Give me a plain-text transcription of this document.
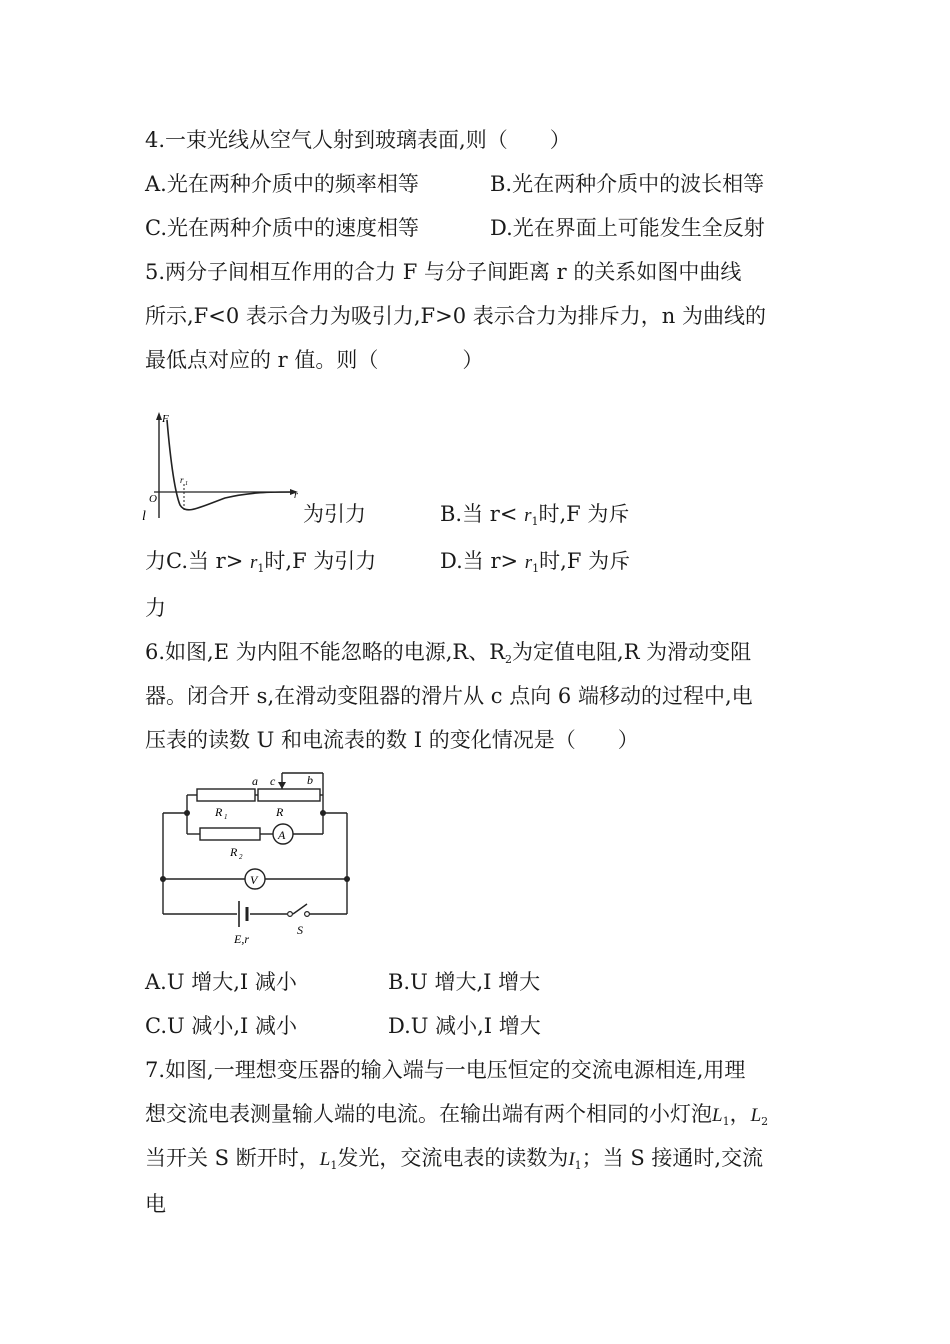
4.一束光线从空气人射到玻璃表面,则（　　）
A.光在两种介质中的频率相等	B.光在两种介质中的波长相等
C.光在两种介质中的速度相等	D.光在界面上可能发生全反射
5.两分子间相互作用的合力 F 与分子间距离 r 的关系如图中曲线
所示,F<0 表示合力为吸引力,F>0 表示合力为排斥力，n 为曲线的
最低点对应的 r 值。则（　　　　）
F
r
O
r 1
l	为引力	B.当 $r< r_1$时,F 为斥
力C.当 $r> r_1$时,F 为引力	D.当 $r> r_1$时,F 为斥
力
6.如图,E 为内阻不能忽略的电源,R、$R_2$为定值电阻,R 为滑动变阻
器。闭合开 s,在滑动变阻器的滑片从 c 点向 6 端移动的过程中,电
压表的读数 U 和电流表的数 I 的变化情况是（　　）
a c	b
R 1	R
R 2
A
V
E,r
S
A.U 增大,I 减小	B.U 增大,I 增大
C.U 减小,I 减小	D.U 减小,I 增大
7.如图,一理想变压器的输入端与一电压恒定的交流电源相连,用理
想交流电表测量输人端的电流。在输出端有两个相同的小灯泡$L_1$，$L_2$
当开关 S 断开时，$L_1$发光，交流电表的读数为$I_1$；当 S 接通时,交流
电
